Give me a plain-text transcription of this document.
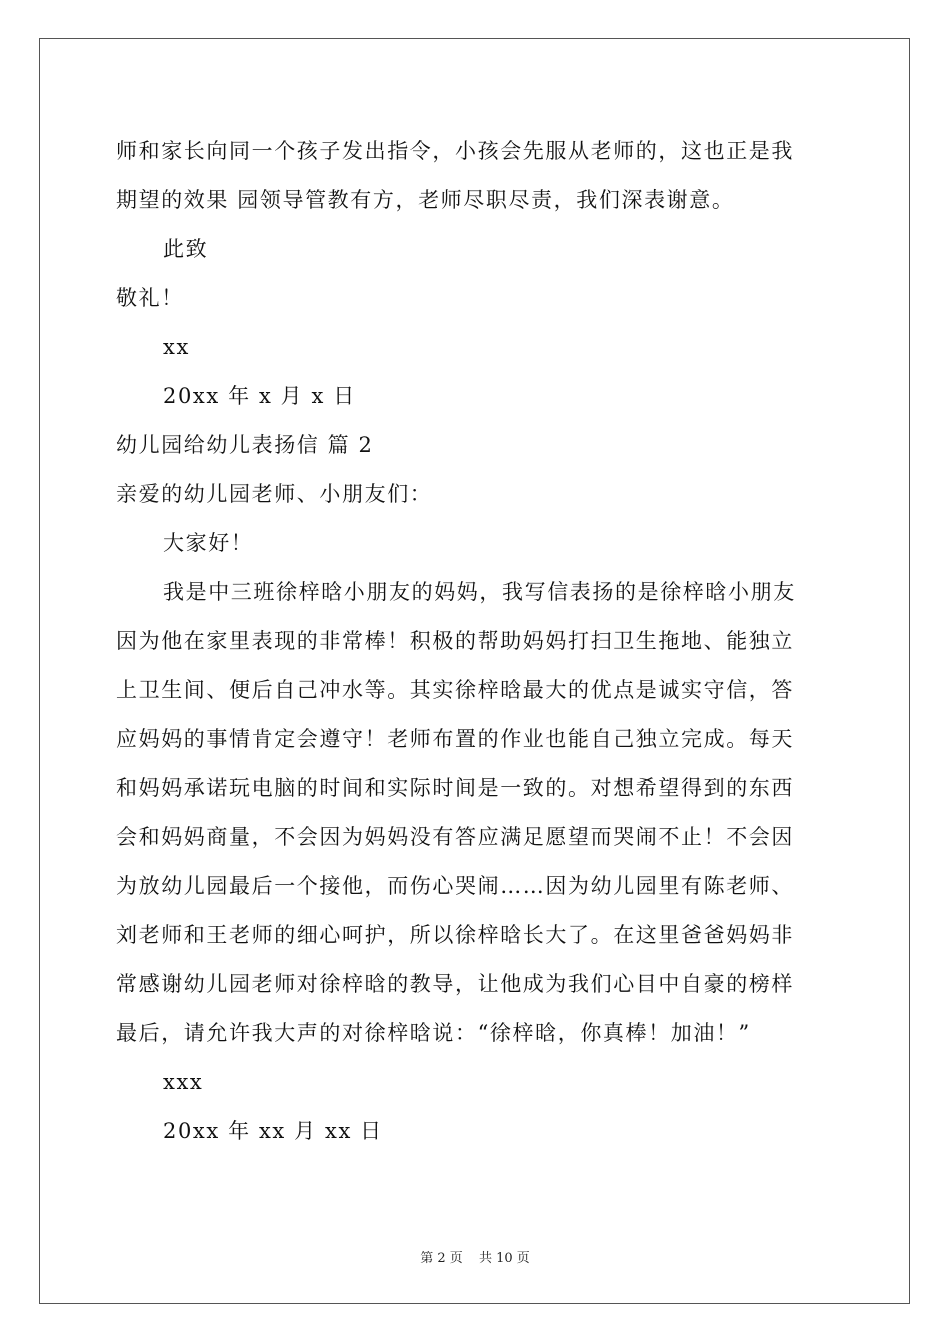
师和家长向同一个孩子发出指令，小孩会先服从老师的，这也正是我

期望的效果 园领导管教有方，老师尽职尽责，我们深表谢意。

此致

敬礼！

xx

20xx 年 x 月 x 日

幼儿园给幼儿表扬信 篇 2

亲爱的幼儿园老师、小朋友们：

大家好！

我是中三班徐梓晗小朋友的妈妈，我写信表扬的是徐梓晗小朋友

因为他在家里表现的非常棒！积极的帮助妈妈打扫卫生拖地、能独立

上卫生间、便后自己冲水等。其实徐梓晗最大的优点是诚实守信，答

应妈妈的事情肯定会遵守！老师布置的作业也能自己独立完成。每天

和妈妈承诺玩电脑的时间和实际时间是一致的。对想希望得到的东西

会和妈妈商量，不会因为妈妈没有答应满足愿望而哭闹不止！不会因

为放幼儿园最后一个接他，而伤心哭闹……因为幼儿园里有陈老师、

刘老师和王老师的细心呵护，所以徐梓晗长大了。在这里爸爸妈妈非

常感谢幼儿园老师对徐梓晗的教导，让他成为我们心目中自豪的榜样

最后，请允许我大声的对徐梓晗说：“徐梓晗，你真棒！加油！”

xxx

20xx 年 xx 月 xx 日

第 2 页 共 10 页
